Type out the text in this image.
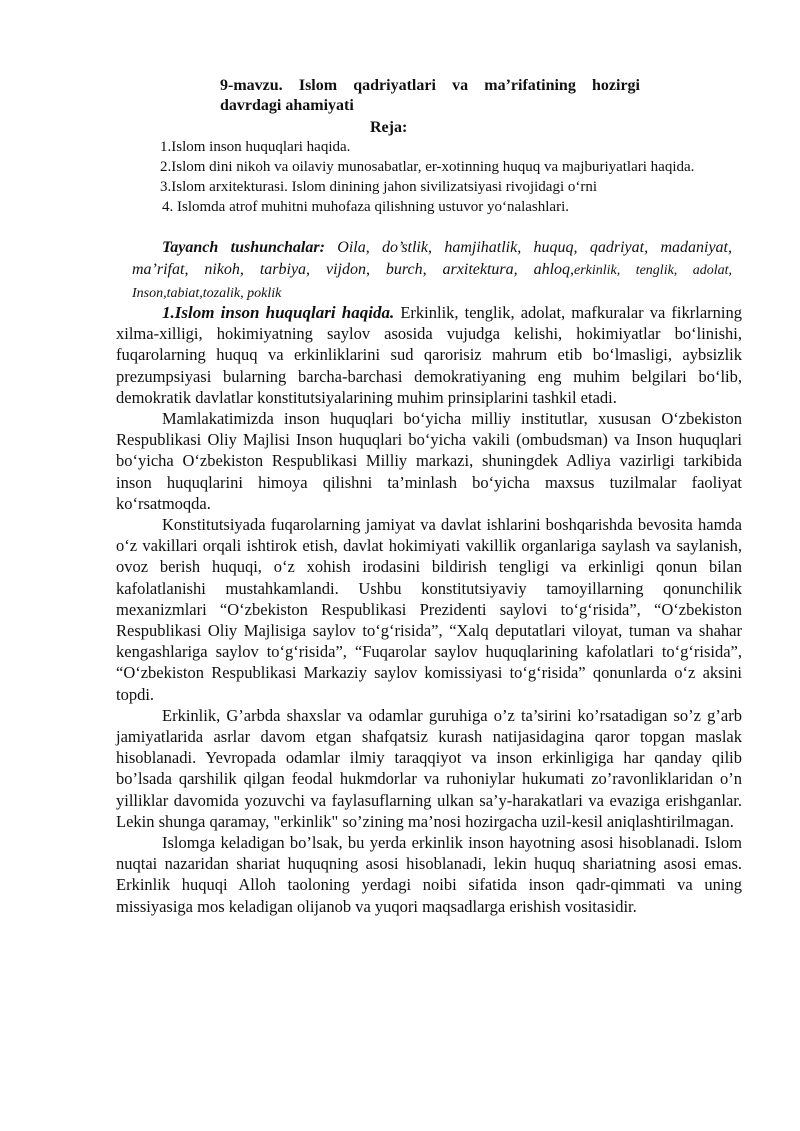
9-mavzu. Islom qadriyatlari va ma’rifatining hozirgi davrdagi ahamiyati
Reja:
1.Islom inson huquqlari haqida.
2.Islom dini nikoh va oilaviy munosabatlar, er-xotinning huquq va majburiyatlari haqida.
3.Islom arxitekturasi. Islom dinining jahon sivilizatsiyasi rivojidagi o‘rni
4. Islomda atrof muhitni muhofaza qilishning ustuvor yo‘nalashlari.
Tayanch tushunchalar: Oila, do’stlik, hamjihatlik, huquq, qadriyat, madaniyat, ma’rifat, nikoh, tarbiya, vijdon, burch, arxitektura, ahloq,erkinlik, tenglik, adolat, Inson,tabiat,tozalik, poklik

1.Islom inson huquqlari haqida. Erkinlik, tenglik, adolat, mafkuralar va fikrlarning xilma-xilligi, hokimiyatning saylov asosida vujudga kelishi, hokimiyatlar bo‘linishi, fuqarolarning huquq va erkinliklarini sud qarorisiz mahrum etib bo‘lmasligi, aybsizlik prezumpsiyasi bularning barcha-barchasi demokratiyaning eng muhim belgilari bo‘lib, demokratik davlatlar konstitutsiyalarining muhim prinsiplarini tashkil etadi.

Mamlakatimizda inson huquqlari bo‘yicha milliy institutlar, xususan O‘zbekiston Respublikasi Oliy Majlisi Inson huquqlari bo‘yicha vakili (ombudsman) va Inson huquqlari bo‘yicha O‘zbekiston Respublikasi Milliy markazi, shuningdek Adliya vazirligi tarkibida inson huquqlarini himoya qilishni ta’minlash bo‘yicha maxsus tuzilmalar faoliyat ko‘rsatmoqda.

Konstitutsiyada fuqarolarning jamiyat va davlat ishlarini boshqarishda bevosita hamda o‘z vakillari orqali ishtirok etish, davlat hokimiyati vakillik organlariga saylash va saylanish, ovoz berish huquqi, o‘z xohish irodasini bildirish tengligi va erkinligi qonun bilan kafolatlanishi mustahkamlandi. Ushbu konstitutsiyaviy tamoyillarning qonunchilik mexanizmlari “O‘zbekiston Respublikasi Prezidenti saylovi to‘g‘risida”, “O‘zbekiston Respublikasi Oliy Majlisiga saylov to‘g‘risida”, “Xalq deputatlari viloyat, tuman va shahar kengashlariga saylov to‘g‘risida”, “Fuqarolar saylov huquqlarining kafolatlari to‘g‘risida”, “O‘zbekiston Respublikasi Markaziy saylov komissiyasi to‘g‘risida” qonunlarda o‘z aksini topdi.

Erkinlik, G’arbda shaxslar va odamlar guruhiga o’z ta’sirini ko’rsatadigan so’z g’arb jamiyatlarida asrlar davom etgan shafqatsiz kurash natijasidagina qaror topgan maslak hisoblanadi. Yevropada odamlar ilmiy taraqqiyot va inson erkinligiga har qanday qilib bo’lsada qarshilik qilgan feodal hukmdorlar va ruhoniylar hukumati zo’ravonliklaridan o’n yilliklar davomida yozuvchi va faylasuflarning ulkan sa’y-harakatlari va evaziga erishganlar. Lekin shunga qaramay, "erkinlik" so’zining ma’nosi hozirgacha uzil-kesil aniqlashtirilmagan.

Islomga keladigan bo’lsak, bu yerda erkinlik inson hayotning asosi hisoblanadi. Islom nuqtai nazaridan shariat huquqning asosi hisoblanadi, lekin huquq shariatning asosi emas. Erkinlik huquqi Alloh taoloning yerdagi noibi sifatida inson qadr-qimmati va uning missiyasiga mos keladigan olijanob va yuqori maqsadlarga erishish vositasidir.
